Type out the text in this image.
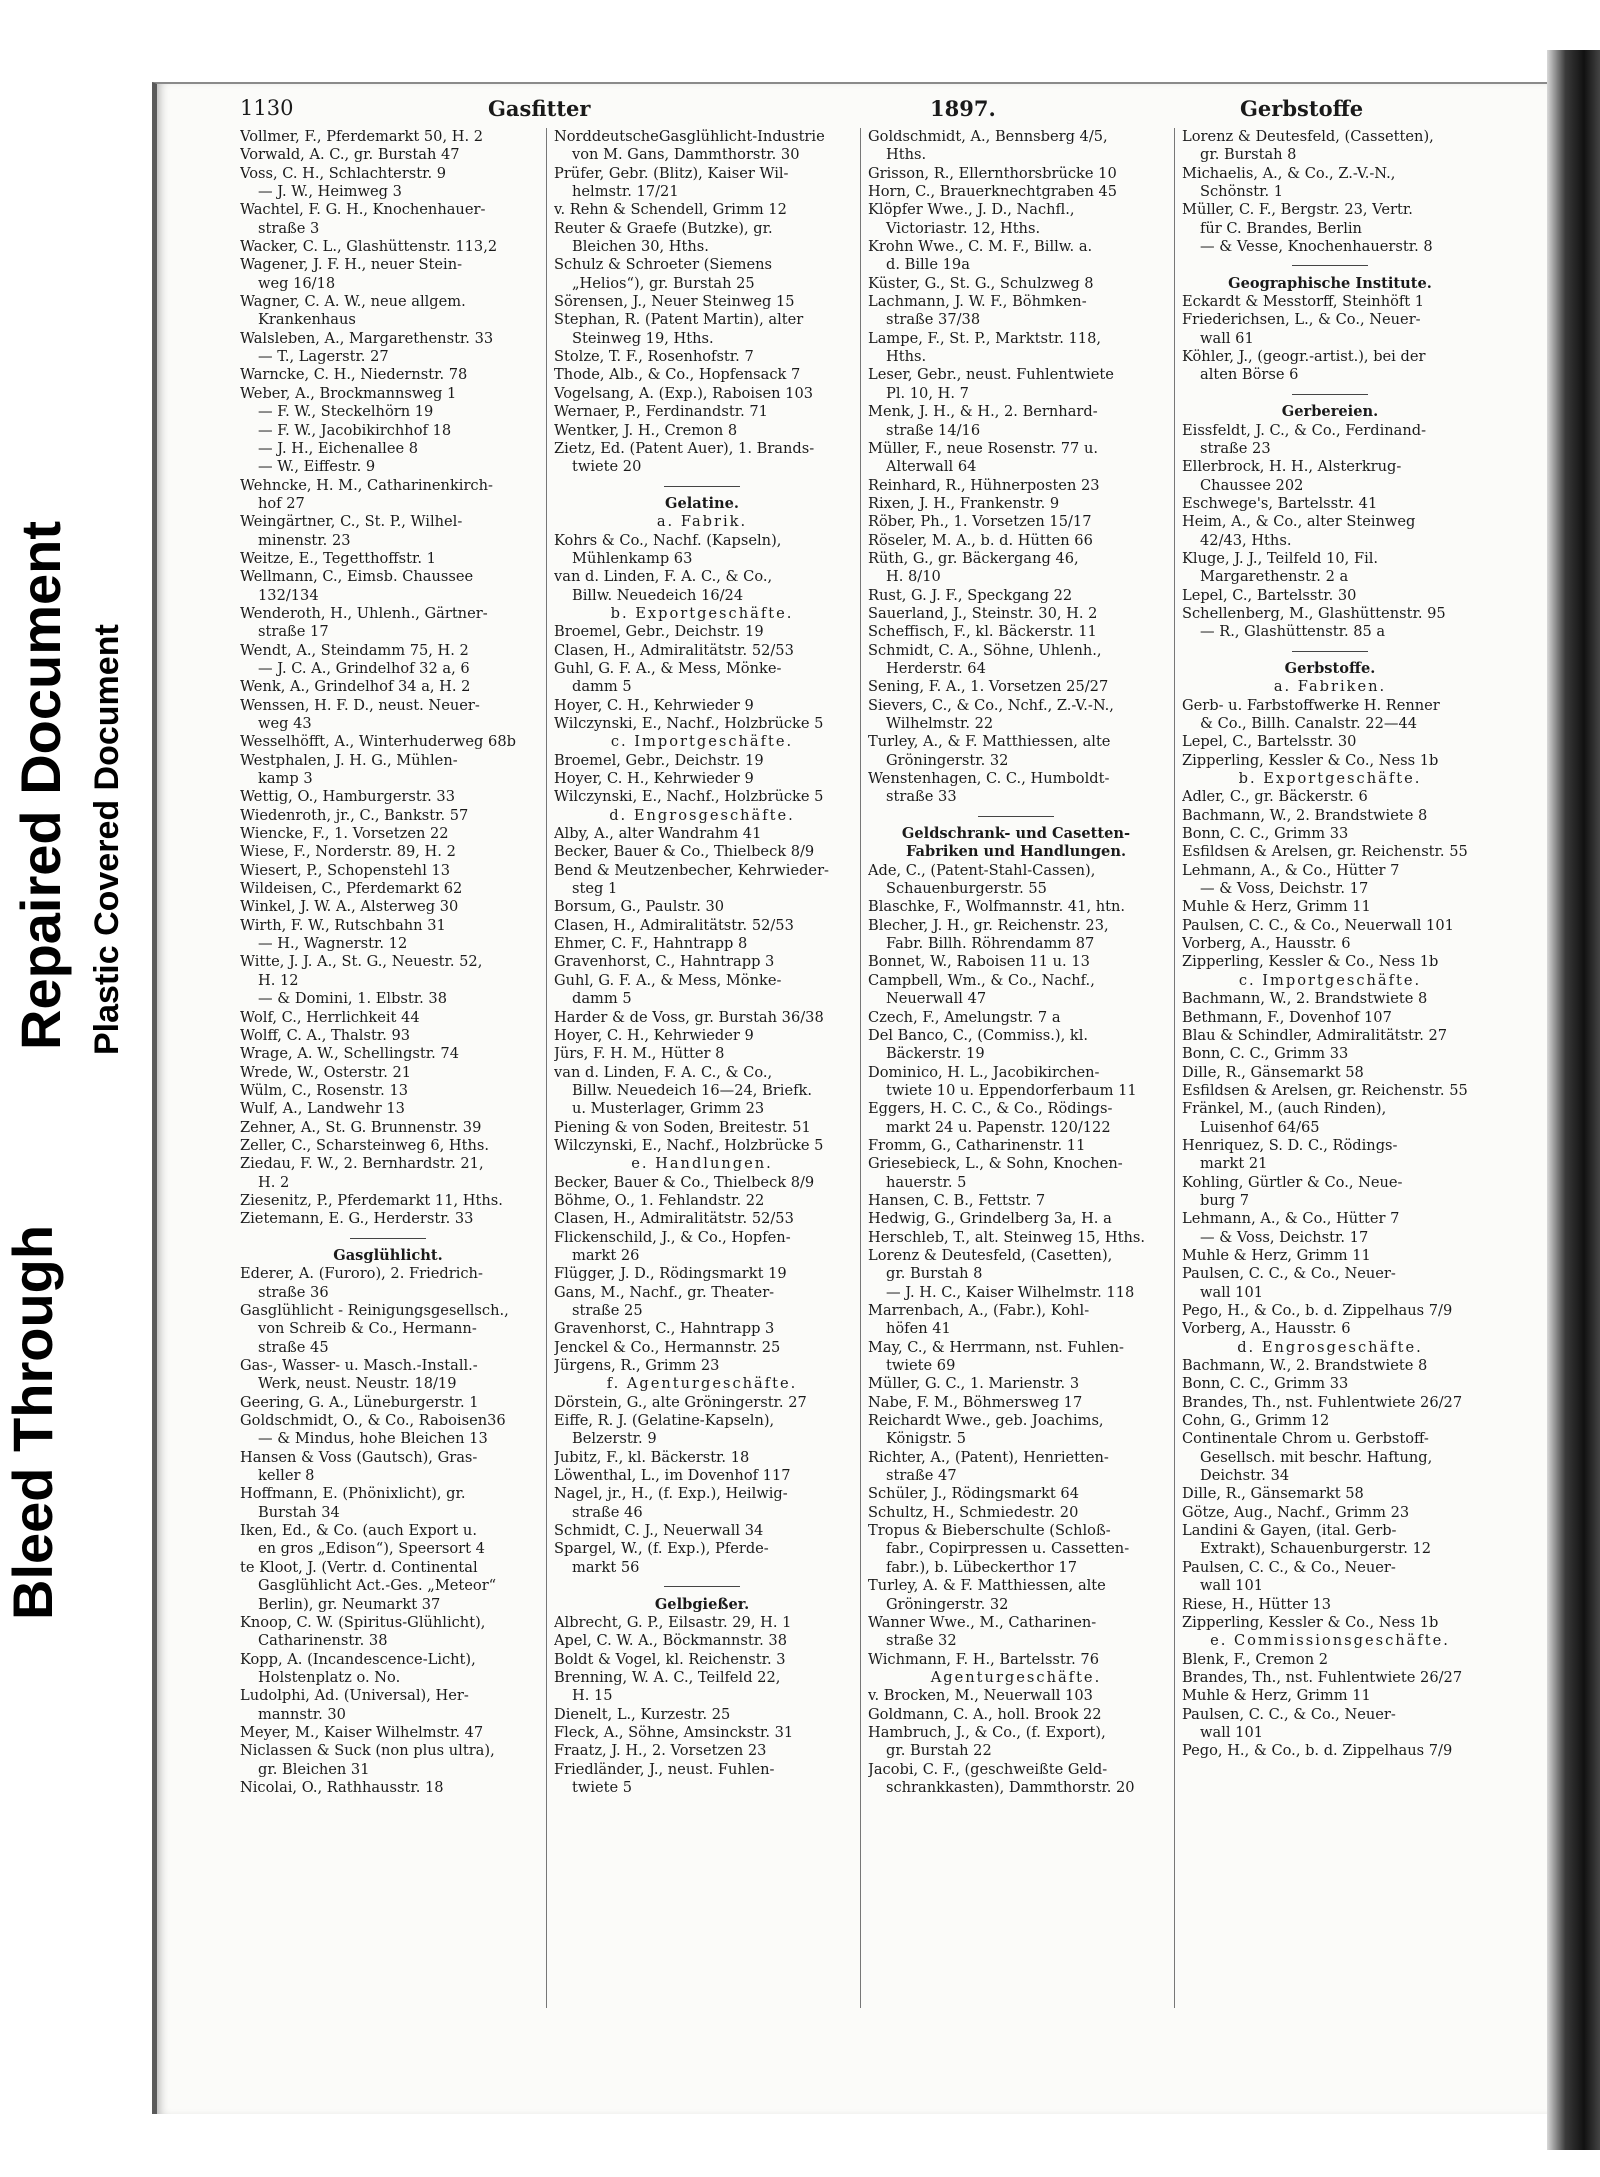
Bleed Through
Repaired Document Plastic Covered Document
1130	Gasfitter	1897.	Gerbstoffe
Vollmer, F., Pferdemarkt 50, H. 2
Vorwald, A. C., gr. Burstah 47
Voss, C. H., Schlachterstr. 9
— J. W., Heimweg 3
Wachtel, F. G. H., Knochenhauer-
straße 3
Wacker, C. L., Glashüttenstr. 113,2
Wagener, J. F. H., neuer Stein-
weg 16/18
Wagner, C. A. W., neue allgem.
Krankenhaus
Walsleben, A., Margarethenstr. 33
— T., Lagerstr. 27
Warncke, C. H., Niedernstr. 78
Weber, A., Brockmannsweg 1
— F. W., Steckelhörn 19
— F. W., Jacobikirchhof 18
— J. H., Eichenallee 8
— W., Eiffestr. 9
Wehncke, H. M., Catharinenkirch-
hof 27
Weingärtner, C., St. P., Wilhel-
minenstr. 23
Weitze, E., Tegetthoffstr. 1
Wellmann, C., Eimsb. Chaussee
132/134
Wenderoth, H., Uhlenh., Gärtner-
straße 17
Wendt, A., Steindamm 75, H. 2
— J. C. A., Grindelhof 32 a, 6
Wenk, A., Grindelhof 34 a, H. 2
Wenssen, H. F. D., neust. Neuer-
weg 43
Wesselhöfft, A., Winterhuderweg 68b
Westphalen, J. H. G., Mühlen-
kamp 3
Wettig, O., Hamburgerstr. 33
Wiedenroth, jr., C., Bankstr. 57
Wiencke, F., 1. Vorsetzen 22
Wiese, F., Norderstr. 89, H. 2
Wiesert, P., Schopenstehl 13
Wildeisen, C., Pferdemarkt 62
Winkel, J. W. A., Alsterweg 30
Wirth, F. W., Rutschbahn 31
— H., Wagnerstr. 12
Witte, J. J. A., St. G., Neuestr. 52,
H. 12
— & Domini, 1. Elbstr. 38
Wolf, C., Herrlichkeit 44
Wolff, C. A., Thalstr. 93
Wrage, A. W., Schellingstr. 74
Wrede, W., Osterstr. 21
Wülm, C., Rosenstr. 13
Wulf, A., Landwehr 13
Zehner, A., St. G. Brunnenstr. 39
Zeller, C., Scharsteinweg 6, Hths.
Ziedau, F. W., 2. Bernhardstr. 21,
H. 2
Ziesenitz, P., Pferdemarkt 11, Hths.
Zietemann, E. G., Herderstr. 33
Gasglühlicht.
Ederer, A. (Furoro), 2. Friedrich-
straße 36
Gasglühlicht - Reinigungsgesellsch.,
von Schreib & Co., Hermann-
straße 45
Gas-, Wasser- u. Masch.-Install.-
Werk, neust. Neustr. 18/19
Geering, G. A., Lüneburgerstr. 1
Goldschmidt, O., & Co., Raboisen36
— & Mindus, hohe Bleichen 13
Hansen & Voss (Gautsch), Gras-
keller 8
Hoffmann, E. (Phönixlicht), gr.
Burstah 34
Iken, Ed., & Co. (auch Export u.
en gros „Edison“), Speersort 4
te Kloot, J. (Vertr. d. Continental
Gasglühlicht Act.-Ges. „Meteor“
Berlin), gr. Neumarkt 37
Knoop, C. W. (Spiritus-Glühlicht),
Catharinenstr. 38
Kopp, A. (Incandescence-Licht),
Holstenplatz o. No.
Ludolphi, Ad. (Universal), Her-
mannstr. 30
Meyer, M., Kaiser Wilhelmstr. 47
Niclassen & Suck (non plus ultra),
gr. Bleichen 31
Nicolai, O., Rathhausstr. 18
NorddeutscheGasglühlicht-Industrie
von M. Gans, Dammthorstr. 30
Prüfer, Gebr. (Blitz), Kaiser Wil-
helmstr. 17/21
v. Rehn & Schendell, Grimm 12
Reuter & Graefe (Butzke), gr.
Bleichen 30, Hths.
Schulz & Schroeter (Siemens
„Helios“), gr. Burstah 25
Sörensen, J., Neuer Steinweg 15
Stephan, R. (Patent Martin), alter
Steinweg 19, Hths.
Stolze, T. F., Rosenhofstr. 7
Thode, Alb., & Co., Hopfensack 7
Vogelsang, A. (Exp.), Raboisen 103
Wernaer, P., Ferdinandstr. 71
Wentker, J. H., Cremon 8
Zietz, Ed. (Patent Auer), 1. Brands-
twiete 20
Gelatine.
a. Fabrik.
Kohrs & Co., Nachf. (Kapseln),
Mühlenkamp 63
van d. Linden, F. A. C., & Co.,
Billw. Neuedeich 16/24
b. Exportgeschäfte.
Broemel, Gebr., Deichstr. 19
Clasen, H., Admiralitätstr. 52/53
Guhl, G. F. A., & Mess, Mönke-
damm 5
Hoyer, C. H., Kehrwieder 9
Wilczynski, E., Nachf., Holzbrücke 5
c. Importgeschäfte.
Broemel, Gebr., Deichstr. 19
Hoyer, C. H., Kehrwieder 9
Wilczynski, E., Nachf., Holzbrücke 5
d. Engrosgeschäfte.
Alby, A., alter Wandrahm 41
Becker, Bauer & Co., Thielbeck 8/9
Bend & Meutzenbecher, Kehrwieder-
steg 1
Borsum, G., Paulstr. 30
Clasen, H., Admiralitätstr. 52/53
Ehmer, C. F., Hahntrapp 8
Gravenhorst, C., Hahntrapp 3
Guhl, G. F. A., & Mess, Mönke-
damm 5
Harder & de Voss, gr. Burstah 36/38
Hoyer, C. H., Kehrwieder 9
Jürs, F. H. M., Hütter 8
van d. Linden, F. A. C., & Co.,
Billw. Neuedeich 16—24, Briefk.
u. Musterlager, Grimm 23
Piening & von Soden, Breitestr. 51
Wilczynski, E., Nachf., Holzbrücke 5
e. Handlungen.
Becker, Bauer & Co., Thielbeck 8/9
Böhme, O., 1. Fehlandstr. 22
Clasen, H., Admiralitätstr. 52/53
Flickenschild, J., & Co., Hopfen-
markt 26
Flügger, J. D., Rödingsmarkt 19
Gans, M., Nachf., gr. Theater-
straße 25
Gravenhorst, C., Hahntrapp 3
Jenckel & Co., Hermannstr. 25
Jürgens, R., Grimm 23
f. Agenturgeschäfte.
Dörstein, G., alte Gröningerstr. 27
Eiffe, R. J. (Gelatine-Kapseln),
Belzerstr. 9
Jubitz, F., kl. Bäckerstr. 18
Löwenthal, L., im Dovenhof 117
Nagel, jr., H., (f. Exp.), Heilwig-
straße 46
Schmidt, C. J., Neuerwall 34
Spargel, W., (f. Exp.), Pferde-
markt 56
Gelbgießer.
Albrecht, G. P., Eilsastr. 29, H. 1
Apel, C. W. A., Böckmannstr. 38
Boldt & Vogel, kl. Reichenstr. 3
Brenning, W. A. C., Teilfeld 22,
H. 15
Dienelt, L., Kurzestr. 25
Fleck, A., Söhne, Amsinckstr. 31
Fraatz, J. H., 2. Vorsetzen 23
Friedländer, J., neust. Fuhlen-
twiete 5
Goldschmidt, A., Bennsberg 4/5,
Hths.
Grisson, R., Ellernthorsbrücke 10
Horn, C., Brauerknechtgraben 45
Klöpfer Wwe., J. D., Nachfl.,
Victoriastr. 12, Hths.
Krohn Wwe., C. M. F., Billw. a.
d. Bille 19a
Küster, G., St. G., Schulzweg 8
Lachmann, J. W. F., Böhmken-
straße 37/38
Lampe, F., St. P., Marktstr. 118,
Hths.
Leser, Gebr., neust. Fuhlentwiete
Pl. 10, H. 7
Menk, J. H., & H., 2. Bernhard-
straße 14/16
Müller, F., neue Rosenstr. 77 u.
Alterwall 64
Reinhard, R., Hühnerposten 23
Rixen, J. H., Frankenstr. 9
Röber, Ph., 1. Vorsetzen 15/17
Röseler, M. A., b. d. Hütten 66
Rüth, G., gr. Bäckergang 46,
H. 8/10
Rust, G. J. F., Speckgang 22
Sauerland, J., Steinstr. 30, H. 2
Scheffisch, F., kl. Bäckerstr. 11
Schmidt, C. A., Söhne, Uhlenh.,
Herderstr. 64
Sening, F. A., 1. Vorsetzen 25/27
Sievers, C., & Co., Nchf., Z.-V.-N.,
Wilhelmstr. 22
Turley, A., & F. Matthiessen, alte
Gröningerstr. 32
Wenstenhagen, C. C., Humboldt-
straße 33
Geldschrank- und Casetten-
Fabriken und Handlungen.
Ade, C., (Patent-Stahl-Cassen),
Schauenburgerstr. 55
Blaschke, F., Wolfmannstr. 41, htn.
Blecher, J. H., gr. Reichenstr. 23,
Fabr. Billh. Röhrendamm 87
Bonnet, W., Raboisen 11 u. 13
Campbell, Wm., & Co., Nachf.,
Neuerwall 47
Czech, F., Amelungstr. 7 a
Del Banco, C., (Commiss.), kl.
Bäckerstr. 19
Dominico, H. L., Jacobikirchen-
twiete 10 u. Eppendorferbaum 11
Eggers, H. C. C., & Co., Rödings-
markt 24 u. Papenstr. 120/122
Fromm, G., Catharinenstr. 11
Griesebieck, L., & Sohn, Knochen-
hauerstr. 5
Hansen, C. B., Fettstr. 7
Hedwig, G., Grindelberg 3a, H. a
Herschleb, T., alt. Steinweg 15, Hths.
Lorenz & Deutesfeld, (Casetten),
gr. Burstah 8
— J. H. C., Kaiser Wilhelmstr. 118
Marrenbach, A., (Fabr.), Kohl-
höfen 41
May, C., & Herrmann, nst. Fuhlen-
twiete 69
Müller, G. C., 1. Marienstr. 3
Nabe, F. M., Böhmersweg 17
Reichardt Wwe., geb. Joachims,
Königstr. 5
Richter, A., (Patent), Henrietten-
straße 47
Schüler, J., Rödingsmarkt 64
Schultz, H., Schmiedestr. 20
Tropus & Bieberschulte (Schloß-
fabr., Copirpressen u. Cassetten-
fabr.), b. Lübeckerthor 17
Turley, A. & F. Matthiessen, alte
Gröningerstr. 32
Wanner Wwe., M., Catharinen-
straße 32
Wichmann, F. H., Bartelsstr. 76
Agenturgeschäfte.
v. Brocken, M., Neuerwall 103
Goldmann, C. A., holl. Brook 22
Hambruch, J., & Co., (f. Export),
gr. Burstah 22
Jacobi, C. F., (geschweißte Geld-
schrankkasten), Dammthorstr. 20
Lorenz & Deutesfeld, (Cassetten),
gr. Burstah 8
Michaelis, A., & Co., Z.-V.-N.,
Schönstr. 1
Müller, C. F., Bergstr. 23, Vertr.
für C. Brandes, Berlin
— & Vesse, Knochenhauerstr. 8
Geographische Institute.
Eckardt & Messtorff, Steinhöft 1
Friederichsen, L., & Co., Neuer-
wall 61
Köhler, J., (geogr.-artist.), bei der
alten Börse 6
Gerbereien.
Eissfeldt, J. C., & Co., Ferdinand-
straße 23
Ellerbrock, H. H., Alsterkrug-
Chaussee 202
Eschwege's, Bartelsstr. 41
Heim, A., & Co., alter Steinweg
42/43, Hths.
Kluge, J. J., Teilfeld 10, Fil.
Margarethenstr. 2 a
Lepel, C., Bartelsstr. 30
Schellenberg, M., Glashüttenstr. 95
— R., Glashüttenstr. 85 a
Gerbstoffe.
a. Fabriken.
Gerb- u. Farbstoffwerke H. Renner
& Co., Billh. Canalstr. 22—44
Lepel, C., Bartelsstr. 30
Zipperling, Kessler & Co., Ness 1b
b. Exportgeschäfte.
Adler, C., gr. Bäckerstr. 6
Bachmann, W., 2. Brandstwiete 8
Bonn, C. C., Grimm 33
Esfildsen & Arelsen, gr. Reichenstr. 55
Lehmann, A., & Co., Hütter 7
— & Voss, Deichstr. 17
Muhle & Herz, Grimm 11
Paulsen, C. C., & Co., Neuerwall 101
Vorberg, A., Hausstr. 6
Zipperling, Kessler & Co., Ness 1b
c. Importgeschäfte.
Bachmann, W., 2. Brandstwiete 8
Bethmann, F., Dovenhof 107
Blau & Schindler, Admiralitätstr. 27
Bonn, C. C., Grimm 33
Dille, R., Gänsemarkt 58
Esfildsen & Arelsen, gr. Reichenstr. 55
Fränkel, M., (auch Rinden),
Luisenhof 64/65
Henriquez, S. D. C., Rödings-
markt 21
Kohling, Gürtler & Co., Neue-
burg 7
Lehmann, A., & Co., Hütter 7
— & Voss, Deichstr. 17
Muhle & Herz, Grimm 11
Paulsen, C. C., & Co., Neuer-
wall 101
Pego, H., & Co., b. d. Zippelhaus 7/9
Vorberg, A., Hausstr. 6
d. Engrosgeschäfte.
Bachmann, W., 2. Brandstwiete 8
Bonn, C. C., Grimm 33
Brandes, Th., nst. Fuhlentwiete 26/27
Cohn, G., Grimm 12
Continentale Chrom u. Gerbstoff-
Gesellsch. mit beschr. Haftung,
Deichstr. 34
Dille, R., Gänsemarkt 58
Götze, Aug., Nachf., Grimm 23
Landini & Gayen, (ital. Gerb-
Extrakt), Schauenburgerstr. 12
Paulsen, C. C., & Co., Neuer-
wall 101
Riese, H., Hütter 13
Zipperling, Kessler & Co., Ness 1b
e. Commissionsgeschäfte.
Blenk, F., Cremon 2
Brandes, Th., nst. Fuhlentwiete 26/27
Muhle & Herz, Grimm 11
Paulsen, C. C., & Co., Neuer-
wall 101
Pego, H., & Co., b. d. Zippelhaus 7/9
